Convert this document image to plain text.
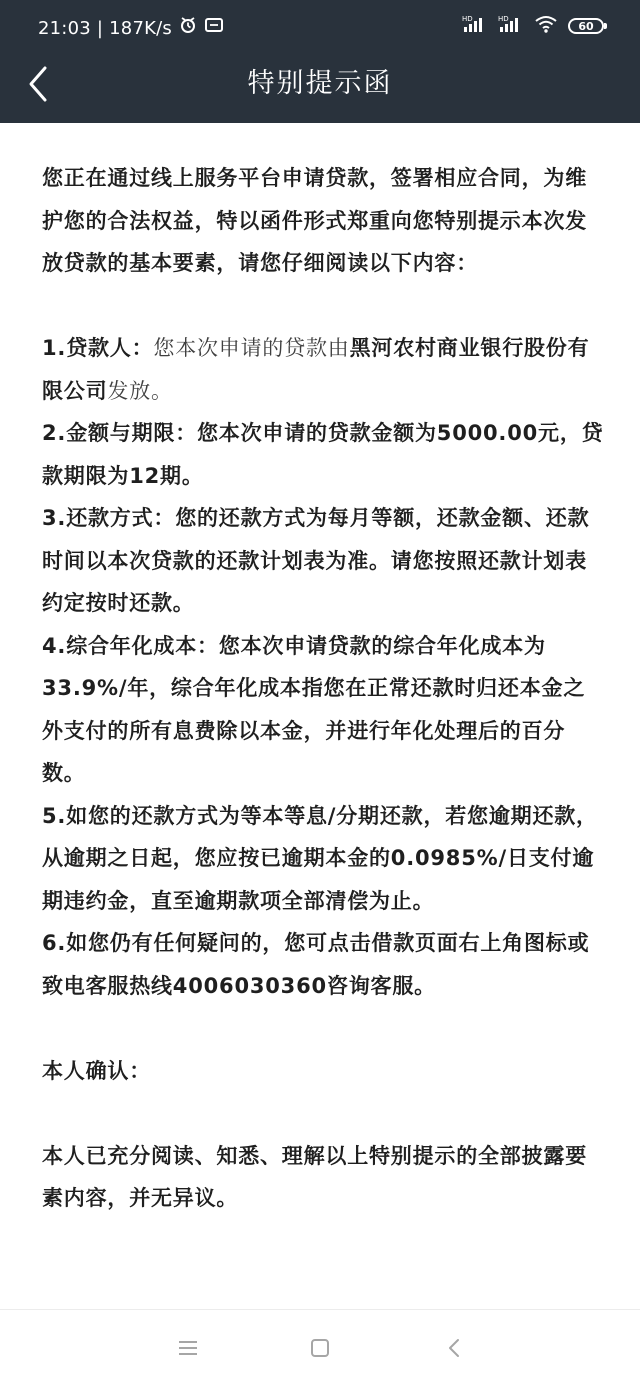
21:03 | 187K/s	HD	HD
60
特别提示函

您正在通过线上服务平台申请贷款，签署相应合同，为维护您的合法权益，特以函件形式郑重向您特别提示本次发放贷款的基本要素，请您仔细阅读以下内容：

1.贷款人：您本次申请的贷款由黑河农村商业银行股份有限公司发放。

2.金额与期限：您本次申请的贷款金额为5000.00元，贷款期限为12期。

3.还款方式：您的还款方式为每月等额，还款金额、还款时间以本次贷款的还款计划表为准。请您按照还款计划表约定按时还款。

4.综合年化成本：您本次申请贷款的综合年化成本为33.9%/年，综合年化成本指您在正常还款时归还本金之外支付的所有息费除以本金，并进行年化处理后的百分数。

5.如您的还款方式为等本等息/分期还款，若您逾期还款，从逾期之日起，您应按已逾期本金的0.0985%/日支付逾期违约金，直至逾期款项全部清偿为止。

6.如您仍有任何疑问的，您可点击借款页面右上角图标或致电客服热线4006030360咨询客服。

本人确认：

本人已充分阅读、知悉、理解以上特别提示的全部披露要素内容，并无异议。
